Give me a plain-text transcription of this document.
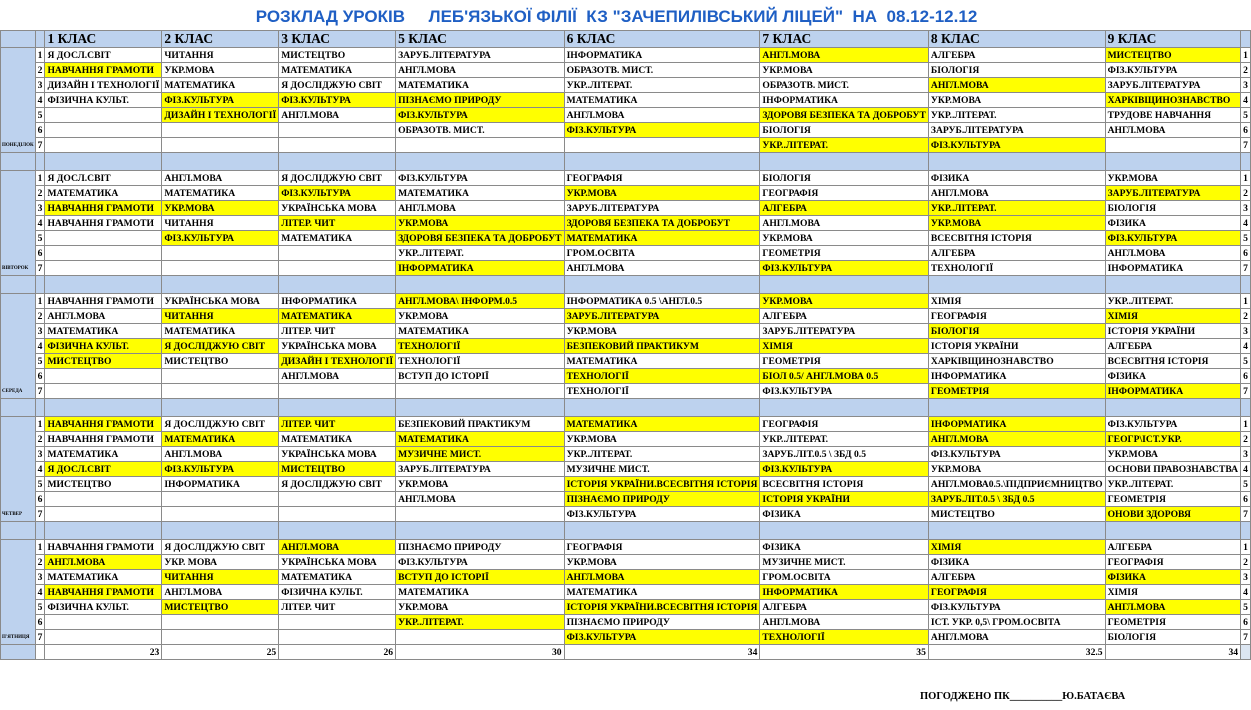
РОЗКЛАД УРОКІВ     ЛЕБ'ЯЗЬКОЇ ФІЛІЇ  КЗ "ЗАЧЕПИЛІВСЬКИЙ ЛІЦЕЙ"  НА  08.12-12.12
		1 КЛАС	2 КЛАС	3 КЛАС	5 КЛАС	6 КЛАС	7 КЛАС	8 КЛАС	9 КЛАС	
ПОНЕДІЛОК	1	Я ДОСЛ.СВІТ	ЧИТАННЯ	МИСТЕЦТВО	ЗАРУБ.ЛІТЕРАТУРА	ІНФОРМАТИКА	АНГЛ.МОВА	АЛГЕБРА	МИСТЕЦТВО	1
	2	НАВЧАННЯ ГРАМОТИ	УКР.МОВА	МАТЕМАТИКА	АНГЛ.МОВА	ОБРАЗОТВ. МИСТ.	УКР.МОВА	БІОЛОГІЯ	ФІЗ.КУЛЬТУРА	2
	3	ДИЗАЙН І ТЕХНОЛОГІЇ	МАТЕМАТИКА	Я ДОСЛІДЖУЮ СВІТ	МАТЕМАТИКА	УКР..ЛІТЕРАТ.	ОБРАЗОТВ. МИСТ.	АНГЛ.МОВА	ЗАРУБ.ЛІТЕРАТУРА	3
	4	ФІЗИЧНА КУЛЬТ.	ФІЗ.КУЛЬТУРА	ФІЗ.КУЛЬТУРА	ПІЗНАЄМО ПРИРОДУ	МАТЕМАТИКА	ІНФОРМАТИКА	УКР.МОВА	ХАРКІВЩИНОЗНАВСТВО	4
	5		ДИЗАЙН І ТЕХНОЛОГІЇ	АНГЛ.МОВА	ФІЗ.КУЛЬТУРА	АНГЛ.МОВА	ЗДОРОВЯ БЕЗПЕКА ТА ДОБРОБУТ	УКР..ЛІТЕРАТ.	ТРУДОВЕ НАВЧАННЯ	5
	6				ОБРАЗОТВ. МИСТ.	ФІЗ.КУЛЬТУРА	БІОЛОГІЯ	ЗАРУБ.ЛІТЕРАТУРА	АНГЛ.МОВА	6
	7						УКР..ЛІТЕРАТ.	ФІЗ.КУЛЬТУРА		7

ВІВТОРОК	1	Я ДОСЛ.СВІТ	АНГЛ.МОВА	Я ДОСЛІДЖУЮ СВІТ	ФІЗ.КУЛЬТУРА	ГЕОГРАФІЯ	БІОЛОГІЯ	ФІЗИКА	УКР.МОВА	1
	2	МАТЕМАТИКА	МАТЕМАТИКА	ФІЗ.КУЛЬТУРА	МАТЕМАТИКА	УКР.МОВА	ГЕОГРАФІЯ	АНГЛ.МОВА	ЗАРУБ.ЛІТЕРАТУРА	2
	3	НАВЧАННЯ ГРАМОТИ	УКР.МОВА	УКРАЇНСЬКА МОВА	АНГЛ.МОВА	ЗАРУБ.ЛІТЕРАТУРА	АЛГЕБРА	УКР..ЛІТЕРАТ.	БІОЛОГІЯ	3
	4	НАВЧАННЯ ГРАМОТИ	ЧИТАННЯ	ЛІТЕР. ЧИТ	УКР.МОВА	ЗДОРОВЯ БЕЗПЕКА ТА ДОБРОБУТ	АНГЛ.МОВА	УКР.МОВА	ФІЗИКА	4
	5		ФІЗ.КУЛЬТУРА	МАТЕМАТИКА	ЗДОРОВЯ БЕЗПЕКА ТА ДОБРОБУТ	МАТЕМАТИКА	УКР.МОВА	ВСЕСВІТНЯ ІСТОРІЯ	ФІЗ.КУЛЬТУРА	5
	6				УКР..ЛІТЕРАТ.	ГРОМ.ОСВІТА	ГЕОМЕТРІЯ	АЛГЕБРА	АНГЛ.МОВА	6
	7				ІНФОРМАТИКА	АНГЛ.МОВА	ФІЗ.КУЛЬТУРА	ТЕХНОЛОГІЇ	ІНФОРМАТИКА	7

СЕРЕДА	1	НАВЧАННЯ ГРАМОТИ	УКРАЇНСЬКА МОВА	ІНФОРМАТИКА	АНГЛ.МОВА\ ІНФОРМ.0.5	ІНФОРМАТИКА 0.5 \АНГЛ.0.5	УКР.МОВА	ХІМІЯ	УКР..ЛІТЕРАТ.	1
	2	АНГЛ.МОВА	ЧИТАННЯ	МАТЕМАТИКА	УКР.МОВА	ЗАРУБ.ЛІТЕРАТУРА	АЛГЕБРА	ГЕОГРАФІЯ	ХІМІЯ	2
	3	МАТЕМАТИКА	МАТЕМАТИКА	ЛІТЕР. ЧИТ	МАТЕМАТИКА	УКР.МОВА	ЗАРУБ.ЛІТЕРАТУРА	БІОЛОГІЯ	ІСТОРІЯ УКРАЇНИ	3
	4	ФІЗИЧНА КУЛЬТ.	Я ДОСЛІДЖУЮ СВІТ	УКРАЇНСЬКА МОВА	ТЕХНОЛОГІЇ	БЕЗПЕКОВИЙ ПРАКТИКУМ	ХІМІЯ	ІСТОРІЯ УКРАЇНИ	АЛГЕБРА	4
	5	МИСТЕЦТВО	МИСТЕЦТВО	ДИЗАЙН І ТЕХНОЛОГІЇ	ТЕХНОЛОГІЇ	МАТЕМАТИКА	ГЕОМЕТРІЯ	ХАРКІВЩИНОЗНАВСТВО	ВСЕСВІТНЯ ІСТОРІЯ	5
	6			АНГЛ.МОВА	ВСТУП ДО ІСТОРІЇ	ТЕХНОЛОГІЇ	БІОЛ 0.5/ АНГЛ.МОВА 0.5	ІНФОРМАТИКА	ФІЗИКА	6
	7					ТЕХНОЛОГІЇ	ФІЗ.КУЛЬТУРА	ГЕОМЕТРІЯ	ІНФОРМАТИКА	7

ЧЕТВЕР	1	НАВЧАННЯ ГРАМОТИ	Я ДОСЛІДЖУЮ СВІТ	ЛІТЕР. ЧИТ	БЕЗПЕКОВИЙ ПРАКТИКУМ	МАТЕМАТИКА	ГЕОГРАФІЯ	ІНФОРМАТИКА	ФІЗ.КУЛЬТУРА	1
	2	НАВЧАННЯ ГРАМОТИ	МАТЕМАТИКА	МАТЕМАТИКА	МАТЕМАТИКА	УКР.МОВА	УКР..ЛІТЕРАТ.	АНГЛ.МОВА	ГЕОГР\ІСТ.УКР.	2
	3	МАТЕМАТИКА	АНГЛ.МОВА	УКРАЇНСЬКА МОВА	МУЗИЧНЕ МИСТ.	УКР..ЛІТЕРАТ.	ЗАРУБ.ЛІТ.0.5 \ ЗБД 0.5	ФІЗ.КУЛЬТУРА	УКР.МОВА	3
	4	Я ДОСЛ.СВІТ	ФІЗ.КУЛЬТУРА	МИСТЕЦТВО	ЗАРУБ.ЛІТЕРАТУРА	МУЗИЧНЕ МИСТ.	ФІЗ.КУЛЬТУРА	УКР.МОВА	ОСНОВИ ПРАВОЗНАВСТВА	4
	5	МИСТЕЦТВО	ІНФОРМАТИКА	Я ДОСЛІДЖУЮ СВІТ	УКР.МОВА	ІСТОРІЯ УКРАЇНИ.ВСЕСВІТНЯ ІСТОРІЯ	ВСЕСВІТНЯ ІСТОРІЯ	АНГЛ.МОВА0.5.\ПІДПРИЄМНИЦТВО	УКР..ЛІТЕРАТ.	5
	6				АНГЛ.МОВА	ПІЗНАЄМО ПРИРОДУ	ІСТОРІЯ УКРАЇНИ	ЗАРУБ.ЛІТ.0.5 \ ЗБД 0.5	ГЕОМЕТРІЯ	6
	7					ФІЗ.КУЛЬТУРА	ФІЗИКА	МИСТЕЦТВО	ОНОВИ ЗДОРОВЯ	7

П'ЯТНИЦЯ	1	НАВЧАННЯ ГРАМОТИ	Я ДОСЛІДЖУЮ СВІТ	АНГЛ.МОВА	ПІЗНАЄМО ПРИРОДУ	ГЕОГРАФІЯ	ФІЗИКА	ХІМІЯ	АЛГЕБРА	1
	2	АНГЛ.МОВА	УКР. МОВА	УКРАЇНСЬКА МОВА	ФІЗ.КУЛЬТУРА	УКР.МОВА	МУЗИЧНЕ МИСТ.	ФІЗИКА	ГЕОГРАФІЯ	2
	3	МАТЕМАТИКА	ЧИТАННЯ	МАТЕМАТИКА	ВСТУП ДО ІСТОРІЇ	АНГЛ.МОВА	ГРОМ.ОСВІТА	АЛГЕБРА	ФІЗИКА	3
	4	НАВЧАННЯ ГРАМОТИ	АНГЛ.МОВА	ФІЗИЧНА КУЛЬТ.	МАТЕМАТИКА	МАТЕМАТИКА	ІНФОРМАТИКА	ГЕОГРАФІЯ	ХІМІЯ	4
	5	ФІЗИЧНА КУЛЬТ.	МИСТЕЦТВО	ЛІТЕР. ЧИТ	УКР.МОВА	ІСТОРІЯ УКРАЇНИ.ВСЕСВІТНЯ ІСТОРІЯ	АЛГЕБРА	ФІЗ.КУЛЬТУРА	АНГЛ.МОВА	5
	6				УКР..ЛІТЕРАТ.	ПІЗНАЄМО ПРИРОДУ	АНГЛ.МОВА	ІСТ. УКР. 0,5\ ГРОМ.ОСВІТА	ГЕОМЕТРІЯ	6
	7					ФІЗ.КУЛЬТУРА	ТЕХНОЛОГІЇ	АНГЛ.МОВА	БІОЛОГІЯ	7
		23	25	26	30	34	35	32.5	34	
ПОГОДЖЕНО ПК__________Ю.БАТАЄВА
